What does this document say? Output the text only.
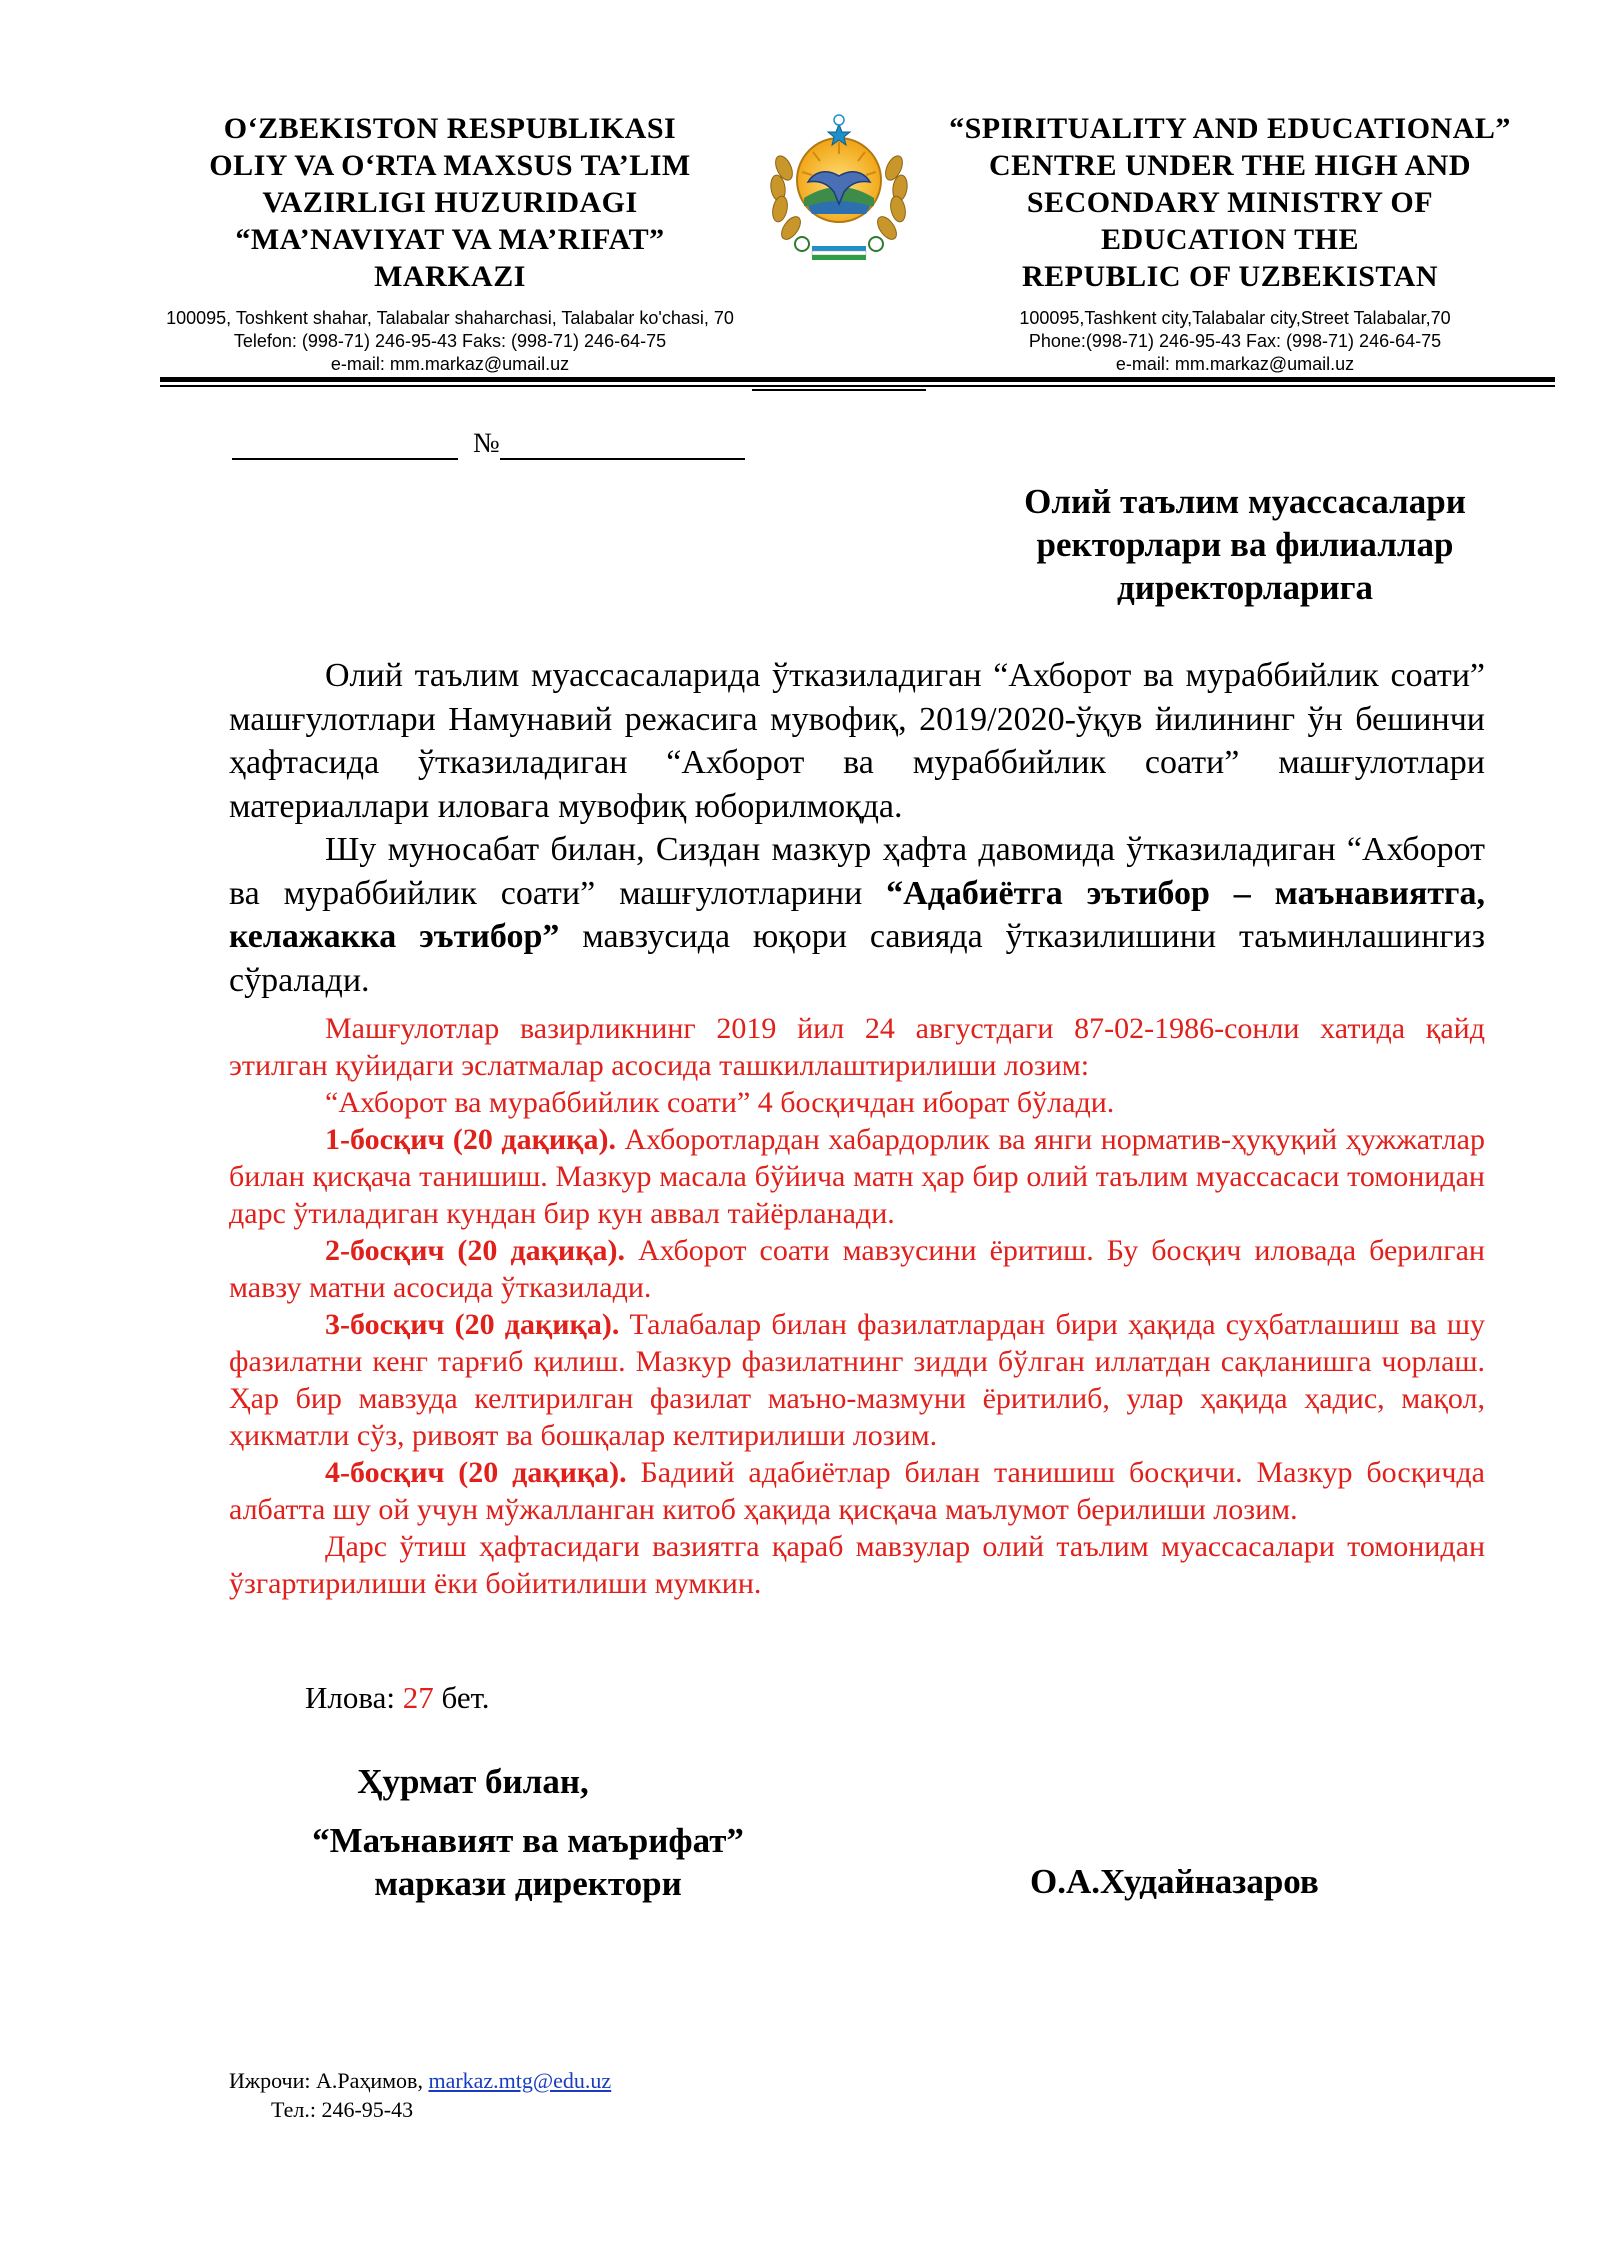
O‘ZBEKISTON RESPUBLIKASI
OLIY VA O‘RTA MAXSUS TA’LIM
VAZIRLIGI HUZURIDAGI
“MA’NAVIYAT VA MA’RIFAT”
MARKAZI
100095, Toshkent shahar, Talabalar shaharchasi, Talabalar ko'chasi, 70
Telefon: (998-71) 246-95-43 Faks: (998-71) 246-64-75
e-mail: mm.markaz@umail.uz
“SPIRITUALITY AND EDUCATIONAL”
CENTRE UNDER THE HIGH AND
SECONDARY MINISTRY OF
EDUCATION THE
REPUBLIC OF UZBEKISTAN
100095,Tashkent city,Talabalar city,Street Talabalar,70
Phone:(998-71) 246-95-43 Fax: (998-71) 246-64-75
e-mail: mm.markaz@umail.uz
№
Олий таълим муассасалари
ректорлари ва филиаллар
директорларига

Олий таълим муассасаларида ўтказиладиган “Ахборот ва мураббийлик соати” машғулотлари Намунавий режасига мувофиқ, 2019/2020-ўқув йилининг ўн бешинчи ҳафтасида ўтказиладиган “Ахборот ва мураббийлик соати” машғулотлари материаллари иловага мувофиқ юборилмоқда.

Шу муносабат билан, Сиздан мазкур ҳафта давомида ўтказиладиган “Ахборот ва мураббийлик соати” машғулотларини “Адабиётга эътибор – маънавиятга, келажакка эътибор” мавзусида юқори савияда ўтказилишини таъминлашингиз сўралади.

Машғулотлар вазирликнинг 2019 йил 24 августдаги 87-02-1986-сонли хатида қайд этилган қуйидаги эслатмалар асосида ташкиллаштирилиши лозим:

“Ахборот ва мураббийлик соати” 4 босқичдан иборат бўлади.

1-босқич (20 дақиқа). Ахборотлардан хабардорлик ва янги норматив-ҳуқуқий ҳужжатлар билан қисқача танишиш. Мазкур масала бўйича матн ҳар бир олий таълим муассасаси томонидан дарс ўтиладиган кундан бир кун аввал тайёрланади.

2-босқич (20 дақиқа). Ахборот соати мавзусини ёритиш. Бу босқич иловада берилган мавзу матни асосида ўтказилади.

3-босқич (20 дақиқа). Талабалар билан фазилатлардан бири ҳақида суҳбатлашиш ва шу фазилатни кенг тарғиб қилиш. Мазкур фазилатнинг зидди бўлган иллатдан сақланишга чорлаш. Ҳар бир мавзуда келтирилган фазилат маъно-мазмуни ёритилиб, улар ҳақида ҳадис, мақол, ҳикматли сўз, ривоят ва бошқалар келтирилиши лозим.

4-босқич (20 дақиқа). Бадиий адабиётлар билан танишиш босқичи. Мазкур босқичда албатта шу ой учун мўжалланган китоб ҳақида қисқача маълумот берилиши лозим.

Дарс ўтиш ҳафтасидаги вазиятга қараб мавзулар олий таълим муассасалари томонидан ўзгартирилиши ёки бойитилиши мумкин.

Илова: 27 бет.
Ҳурмат билан,
“Маънавият ва маърифат”
маркази директори	О.А.Худайназаров
Ижрочи: А.Раҳимов, markaz.mtg@edu.uz
Тел.: 246-95-43
